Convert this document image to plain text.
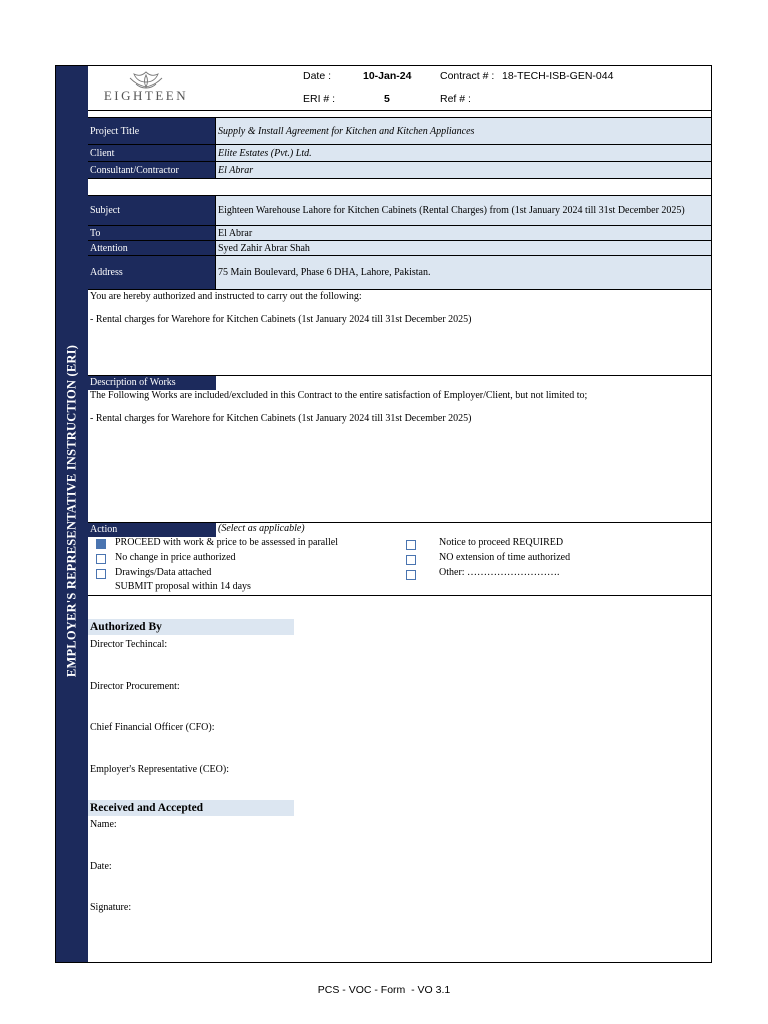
EMPLOYER'S REPRESENTATIVE INSTRUCTION (ERI)
EIGHTEEN
Date :	10-Jan-24	Contract # : 18-TECH-ISB-GEN-044
ERI # :	5	Ref # :
Project Title	Supply & Install Agreement for Kitchen and Kitchen Appliances
Client	Elite Estates (Pvt.) Ltd.
Consultant/Contractor	El Abrar
Subject	Eighteen Warehouse Lahore for Kitchen Cabinets (Rental Charges) from (1st January 2024 till 31st December 2025)
To	El Abrar
Attention	Syed Zahir Abrar Shah
Address	75 Main Boulevard, Phase 6 DHA, Lahore, Pakistan.
You are hereby authorized and instructed to carry out the following:
- Rental charges for Warehore for Kitchen Cabinets (1st January 2024 till 31st December 2025)
Description of Works
The Following Works are included/excluded in this Contract to the entire satisfaction of Employer/Client, but not limited to;
- Rental charges for Warehore for Kitchen Cabinets (1st January 2024 till 31st December 2025)
Action	(Select as applicable)
PROCEED with work & price to be assessed in parallel
No change in price authorized
Drawings/Data attached
SUBMIT proposal within 14 days
Notice to proceed REQUIRED
NO extension of time authorized
Other: ……………………….
Authorized By
Director Techincal:
Director Procurement:
Chief Financial Officer (CFO):
Employer's Representative (CEO):
Received and Accepted
Name:
Date:
Signature:
PCS - VOC - Form  - VO 3.1
